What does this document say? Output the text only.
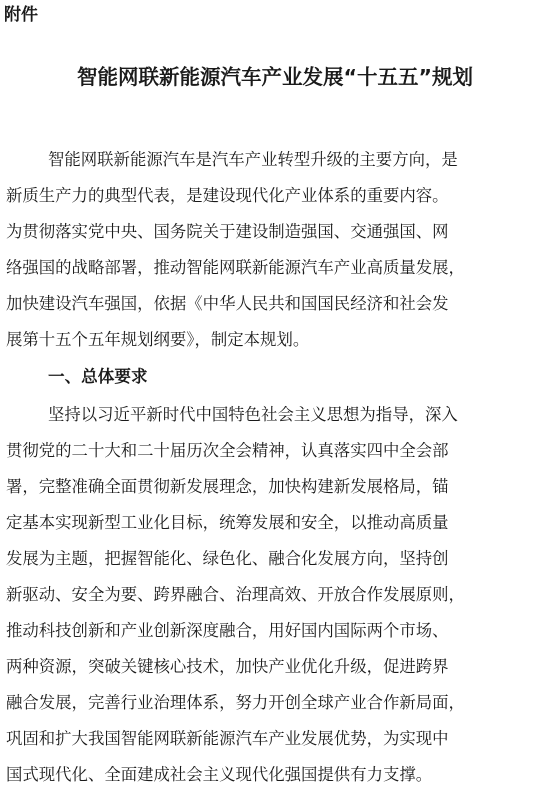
附件
智能网联新能源汽车产业发展“十五五”规划
智能网联新能源汽车是汽车产业转型升级的主要方向，是
新质生产力的典型代表，是建设现代化产业体系的重要内容。
为贯彻落实党中央、国务院关于建设制造强国、交通强国、网
络强国的战略部署，推动智能网联新能源汽车产业高质量发展，
加快建设汽车强国，依据《中华人民共和国国民经济和社会发
展第十五个五年规划纲要》，制定本规划。
一、总体要求
坚持以习近平新时代中国特色社会主义思想为指导，深入
贯彻党的二十大和二十届历次全会精神，认真落实四中全会部
署，完整准确全面贯彻新发展理念，加快构建新发展格局，锚
定基本实现新型工业化目标，统筹发展和安全，以推动高质量
发展为主题，把握智能化、绿色化、融合化发展方向，坚持创
新驱动、安全为要、跨界融合、治理高效、开放合作发展原则，
推动科技创新和产业创新深度融合，用好国内国际两个市场、
两种资源，突破关键核心技术，加快产业优化升级，促进跨界
融合发展，完善行业治理体系，努力开创全球产业合作新局面，
巩固和扩大我国智能网联新能源汽车产业发展优势，为实现中
国式现代化、全面建成社会主义现代化强国提供有力支撑。
